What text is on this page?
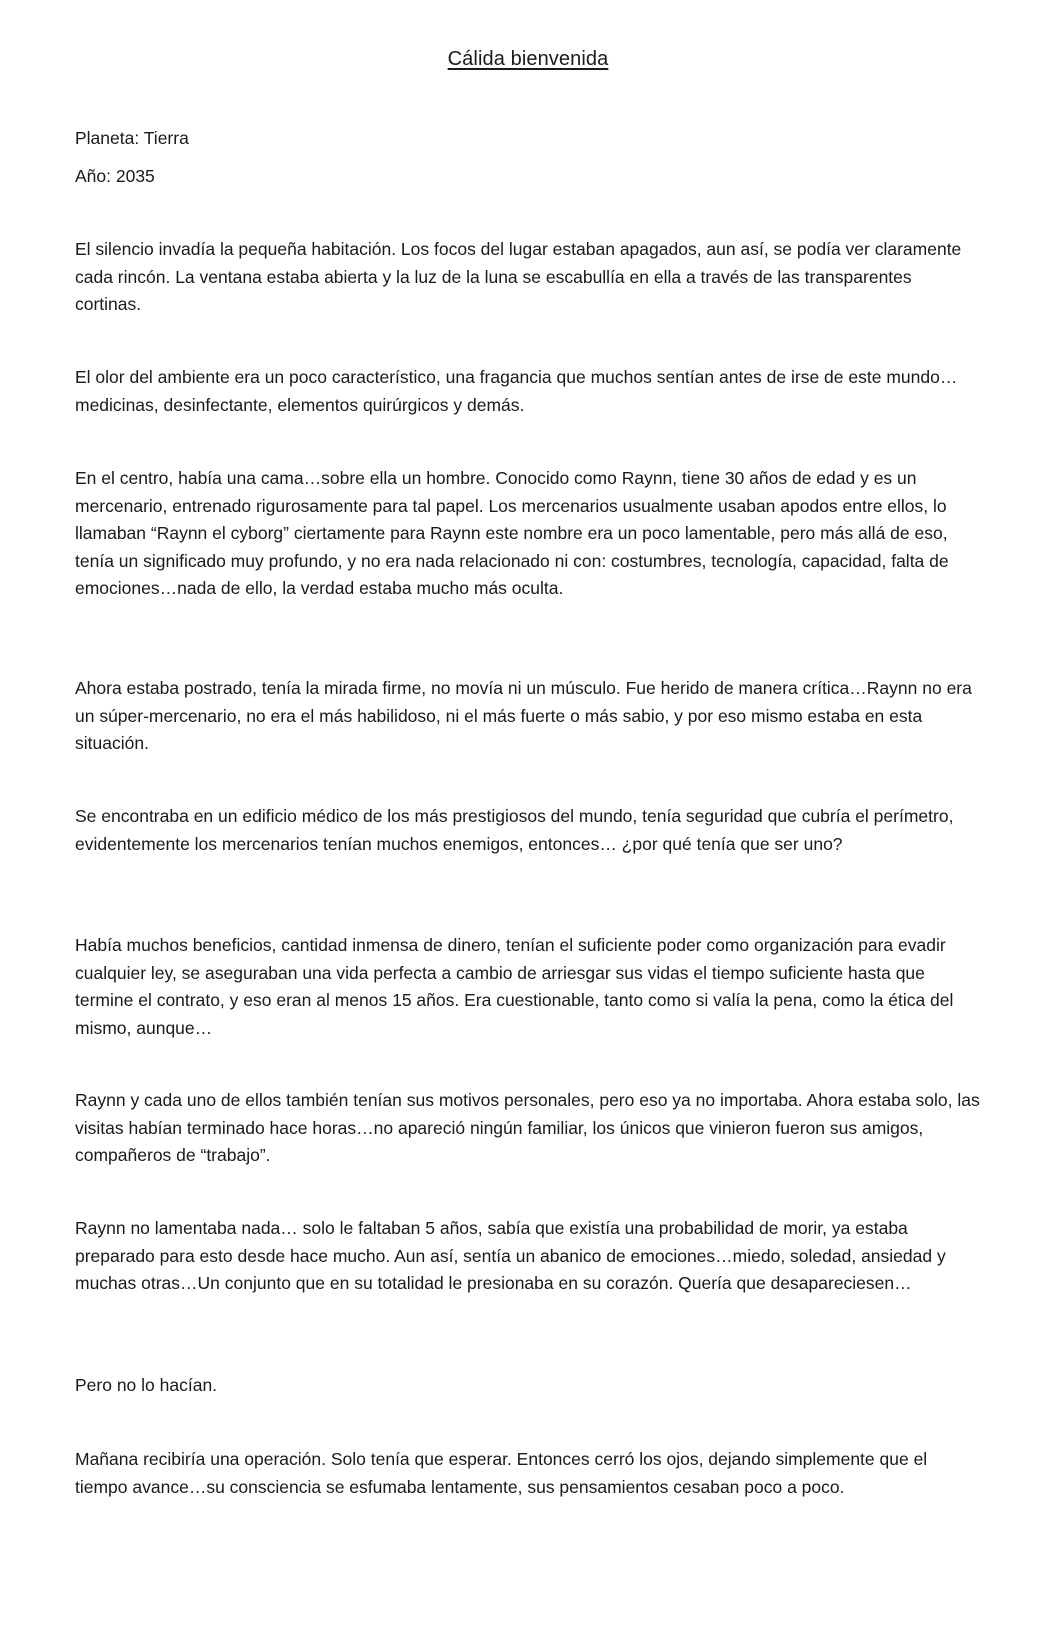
Cálida bienvenida
Planeta: Tierra
Año: 2035

El silencio invadía la pequeña habitación. Los focos del lugar estaban apagados, aun así, se podía ver claramente cada rincón. La ventana estaba abierta y la luz de la luna se escabullía en ella a través de las transparentes cortinas.

El olor del ambiente era un poco característico, una fragancia que muchos sentían antes de irse de este mundo…medicinas, desinfectante, elementos quirúrgicos y demás.

En el centro, había una cama…sobre ella un hombre. Conocido como Raynn, tiene 30 años de edad y es un mercenario, entrenado rigurosamente para tal papel. Los mercenarios usualmente usaban apodos entre ellos, lo llamaban “Raynn el cyborg” ciertamente para Raynn este nombre era un poco lamentable, pero más allá de eso, tenía un significado muy profundo, y no era nada relacionado ni con: costumbres, tecnología, capacidad, falta de emociones…nada de ello, la verdad estaba mucho más oculta.

Ahora estaba postrado, tenía la mirada firme, no movía ni un músculo. Fue herido de manera crítica…Raynn no era un súper-mercenario, no era el más habilidoso, ni el más fuerte o más sabio, y por eso mismo estaba en esta situación.

Se encontraba en un edificio médico de los más prestigiosos del mundo, tenía seguridad que cubría el perímetro, evidentemente los mercenarios tenían muchos enemigos, entonces… ¿por qué tenía que ser uno?

Había muchos beneficios, cantidad inmensa de dinero, tenían el suficiente poder como organización para evadir cualquier ley, se aseguraban una vida perfecta a cambio de arriesgar sus vidas el tiempo suficiente hasta que termine el contrato, y eso eran al menos 15 años. Era cuestionable, tanto como si valía la pena, como la ética del mismo, aunque…

Raynn y cada uno de ellos también tenían sus motivos personales, pero eso ya no importaba. Ahora estaba solo, las visitas habían terminado hace horas…no apareció ningún familiar, los únicos que vinieron fueron sus amigos, compañeros de “trabajo”.

Raynn no lamentaba nada… solo le faltaban 5 años, sabía que existía una probabilidad de morir, ya estaba preparado para esto desde hace mucho. Aun así, sentía un abanico de emociones…miedo, soledad, ansiedad y muchas otras…Un conjunto que en su totalidad le presionaba en su corazón. Quería que desapareciesen…

Pero no lo hacían.

Mañana recibiría una operación. Solo tenía que esperar. Entonces cerró los ojos, dejando simplemente que el tiempo avance…su consciencia se esfumaba lentamente, sus pensamientos cesaban poco a poco.
